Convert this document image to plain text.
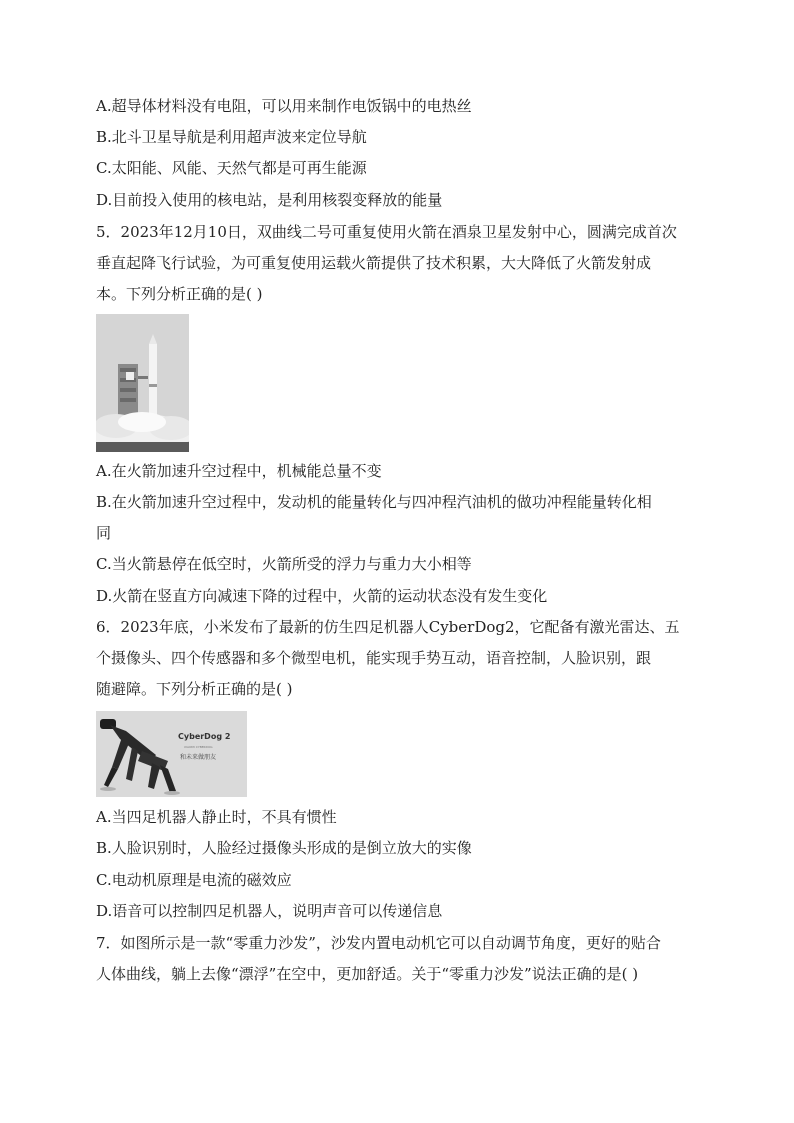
A.超导体材料没有电阻，可以用来制作电饭锅中的电热丝
B.北斗卫星导航是利用超声波来定位导航
C.太阳能、风能、天然气都是可再生能源
D.目前投入使用的核电站，是利用核裂变释放的能量
5．2023年12月10日，双曲线二号可重复使用火箭在酒泉卫星发射中心，圆满完成首次
垂直起降飞行试验，为可重复使用运载火箭提供了技术积累，大大降低了火箭发射成
本。下列分析正确的是( )
A.在火箭加速升空过程中，机械能总量不变
B.在火箭加速升空过程中，发动机的能量转化与四冲程汽油机的做功冲程能量转化相
同
C.当火箭悬停在低空时，火箭所受的浮力与重力大小相等
D.火箭在竖直方向减速下降的过程中，火箭的运动状态没有发生变化
6．2023年底，小米发布了最新的仿生四足机器人CyberDog2，它配备有激光雷达、五
个摄像头、四个传感器和多个微型电机，能实现手势互动，语音控制，人脸识别，跟
随避障。下列分析正确的是( )
CyberDog 2
XIAOMI CYBERDOG
和未来做朋友
A.当四足机器人静止时，不具有惯性
B.人脸识别时，人脸经过摄像头形成的是倒立放大的实像
C.电动机原理是电流的磁效应
D.语音可以控制四足机器人，说明声音可以传递信息
7．如图所示是一款“零重力沙发”，沙发内置电动机它可以自动调节角度，更好的贴合
人体曲线，躺上去像“漂浮”在空中，更加舒适。关于“零重力沙发”说法正确的是( )
